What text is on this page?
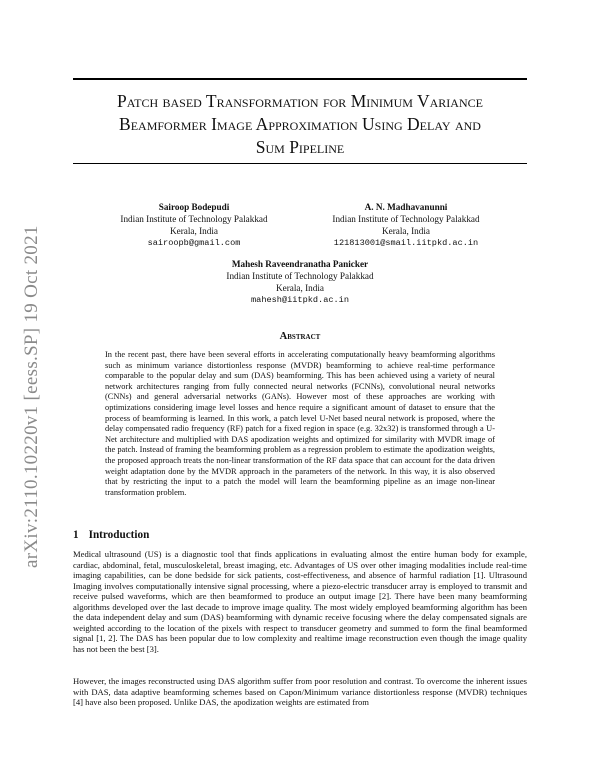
arXiv:2110.10220v1 [eess.SP] 19 Oct 2021
Patch based Transformation for Minimum Variance
Beamformer Image Approximation Using Delay and
Sum Pipeline
Sairoop Bodepudi
Indian Institute of Technology Palakkad
Kerala, India
sairoopb@gmail.com
A. N. Madhavanunni
Indian Institute of Technology Palakkad
Kerala, India
121813001@smail.iitpkd.ac.in
Mahesh Raveendranatha Panicker
Indian Institute of Technology Palakkad
Kerala, India
mahesh@iitpkd.ac.in
Abstract
In the recent past, there have been several efforts in accelerating computationally heavy beamforming algorithms such as minimum variance distortionless response (MVDR) beamforming to achieve real-time performance comparable to the popular delay and sum (DAS) beamforming. This has been achieved using a variety of neural network architectures ranging from fully connected neural networks (FCNNs), convolutional neural networks (CNNs) and general adversarial networks (GANs). However most of these approaches are working with optimizations considering image level losses and hence require a significant amount of dataset to ensure that the process of beamforming is learned. In this work, a patch level U-Net based neural network is proposed, where the delay compensated radio frequency (RF) patch for a fixed region in space (e.g. 32x32) is transformed through a U-Net architecture and multiplied with DAS apodization weights and optimized for similarity with MVDR image of the patch. Instead of framing the beamforming problem as a regression problem to estimate the apodization weights, the proposed approach treats the non-linear transformation of the RF data space that can account for the data driven weight adaptation done by the MVDR approach in the parameters of the network. In this way, it is also observed that by restricting the input to a patch the model will learn the beamforming pipeline as an image non-linear transformation problem.
1 Introduction
Medical ultrasound (US) is a diagnostic tool that finds applications in evaluating almost the entire human body for example, cardiac, abdominal, fetal, musculoskeletal, breast imaging, etc. Advantages of US over other imaging modalities include real-time imaging capabilities, can be done bedside for sick patients, cost-effectiveness, and absence of harmful radiation [1]. Ultrasound Imaging involves computationally intensive signal processing, where a piezo-electric transducer array is employed to transmit and receive pulsed waveforms, which are then beamformed to produce an output image [2]. There have been many beamforming algorithms developed over the last decade to improve image quality. The most widely employed beamforming algorithm has been the data independent delay and sum (DAS) beamforming with dynamic receive focusing where the delay compensated signals are weighted according to the location of the pixels with respect to transducer geometry and summed to form the final beamformed signal [1, 2]. The DAS has been popular due to low complexity and realtime image reconstruction even though the image quality has not been the best [3].
However, the images reconstructed using DAS algorithm suffer from poor resolution and contrast. To overcome the inherent issues with DAS, data adaptive beamforming schemes based on Capon/Minimum variance distortionless response (MVDR) techniques [4] have also been proposed. Unlike DAS, the apodization weights are estimated from
